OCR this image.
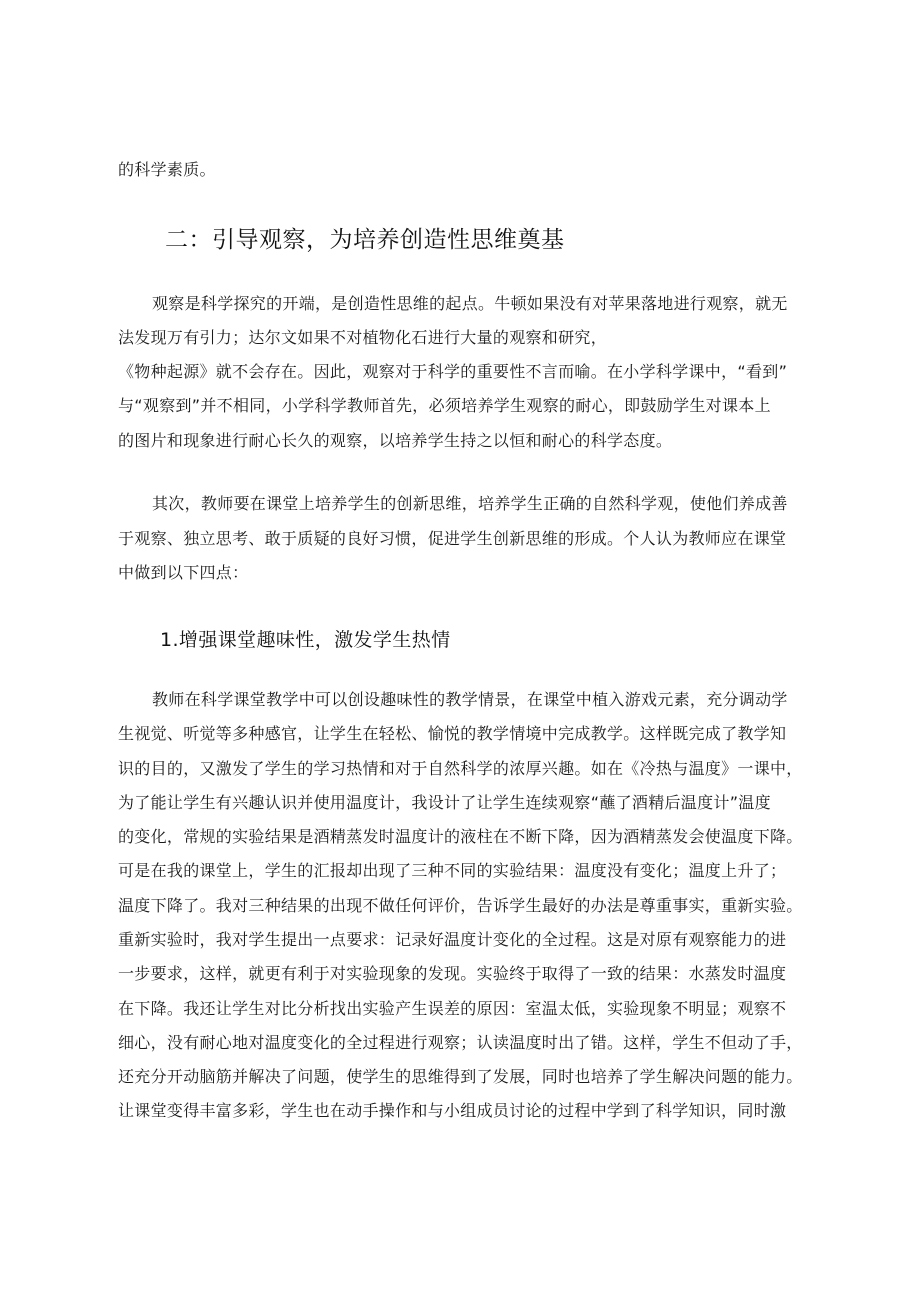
的科学素质。

二：引导观察，为培养创造性思维奠基

观察是科学探究的开端，是创造性思维的起点。牛顿如果没有对苹果落地进行观察，就无

法发现万有引力；达尔文如果不对植物化石进行大量的观察和研究，

《物种起源》就不会存在。因此，观察对于科学的重要性不言而喻。在小学科学课中，“看到”

与“观察到”并不相同，小学科学教师首先，必须培养学生观察的耐心，即鼓励学生对课本上

的图片和现象进行耐心长久的观察，以培养学生持之以恒和耐心的科学态度。

其次，教师要在课堂上培养学生的创新思维，培养学生正确的自然科学观，使他们养成善

于观察、独立思考、敢于质疑的良好习惯，促进学生创新思维的形成。个人认为教师应在课堂

中做到以下四点：

1.增强课堂趣味性，激发学生热情

教师在科学课堂教学中可以创设趣味性的教学情景，在课堂中植入游戏元素，充分调动学

生视觉、听觉等多种感官，让学生在轻松、愉悦的教学情境中完成教学。这样既完成了教学知

识的目的，又激发了学生的学习热情和对于自然科学的浓厚兴趣。如在《冷热与温度》一课中，

为了能让学生有兴趣认识并使用温度计，我设计了让学生连续观察“蘸了酒精后温度计”温度

的变化，常规的实验结果是酒精蒸发时温度计的液柱在不断下降，因为酒精蒸发会使温度下降。

可是在我的课堂上，学生的汇报却出现了三种不同的实验结果：温度没有变化；温度上升了；

温度下降了。我对三种结果的出现不做任何评价，告诉学生最好的办法是尊重事实，重新实验。

重新实验时，我对学生提出一点要求：记录好温度计变化的全过程。这是对原有观察能力的进

一步要求，这样，就更有利于对实验现象的发现。实验终于取得了一致的结果：水蒸发时温度

在下降。我还让学生对比分析找出实验产生误差的原因：室温太低，实验现象不明显；观察不

细心，没有耐心地对温度变化的全过程进行观察；认读温度时出了错。这样，学生不但动了手，

还充分开动脑筋并解决了问题，使学生的思维得到了发展，同时也培养了学生解决问题的能力。

让课堂变得丰富多彩，学生也在动手操作和与小组成员讨论的过程中学到了科学知识，同时激
